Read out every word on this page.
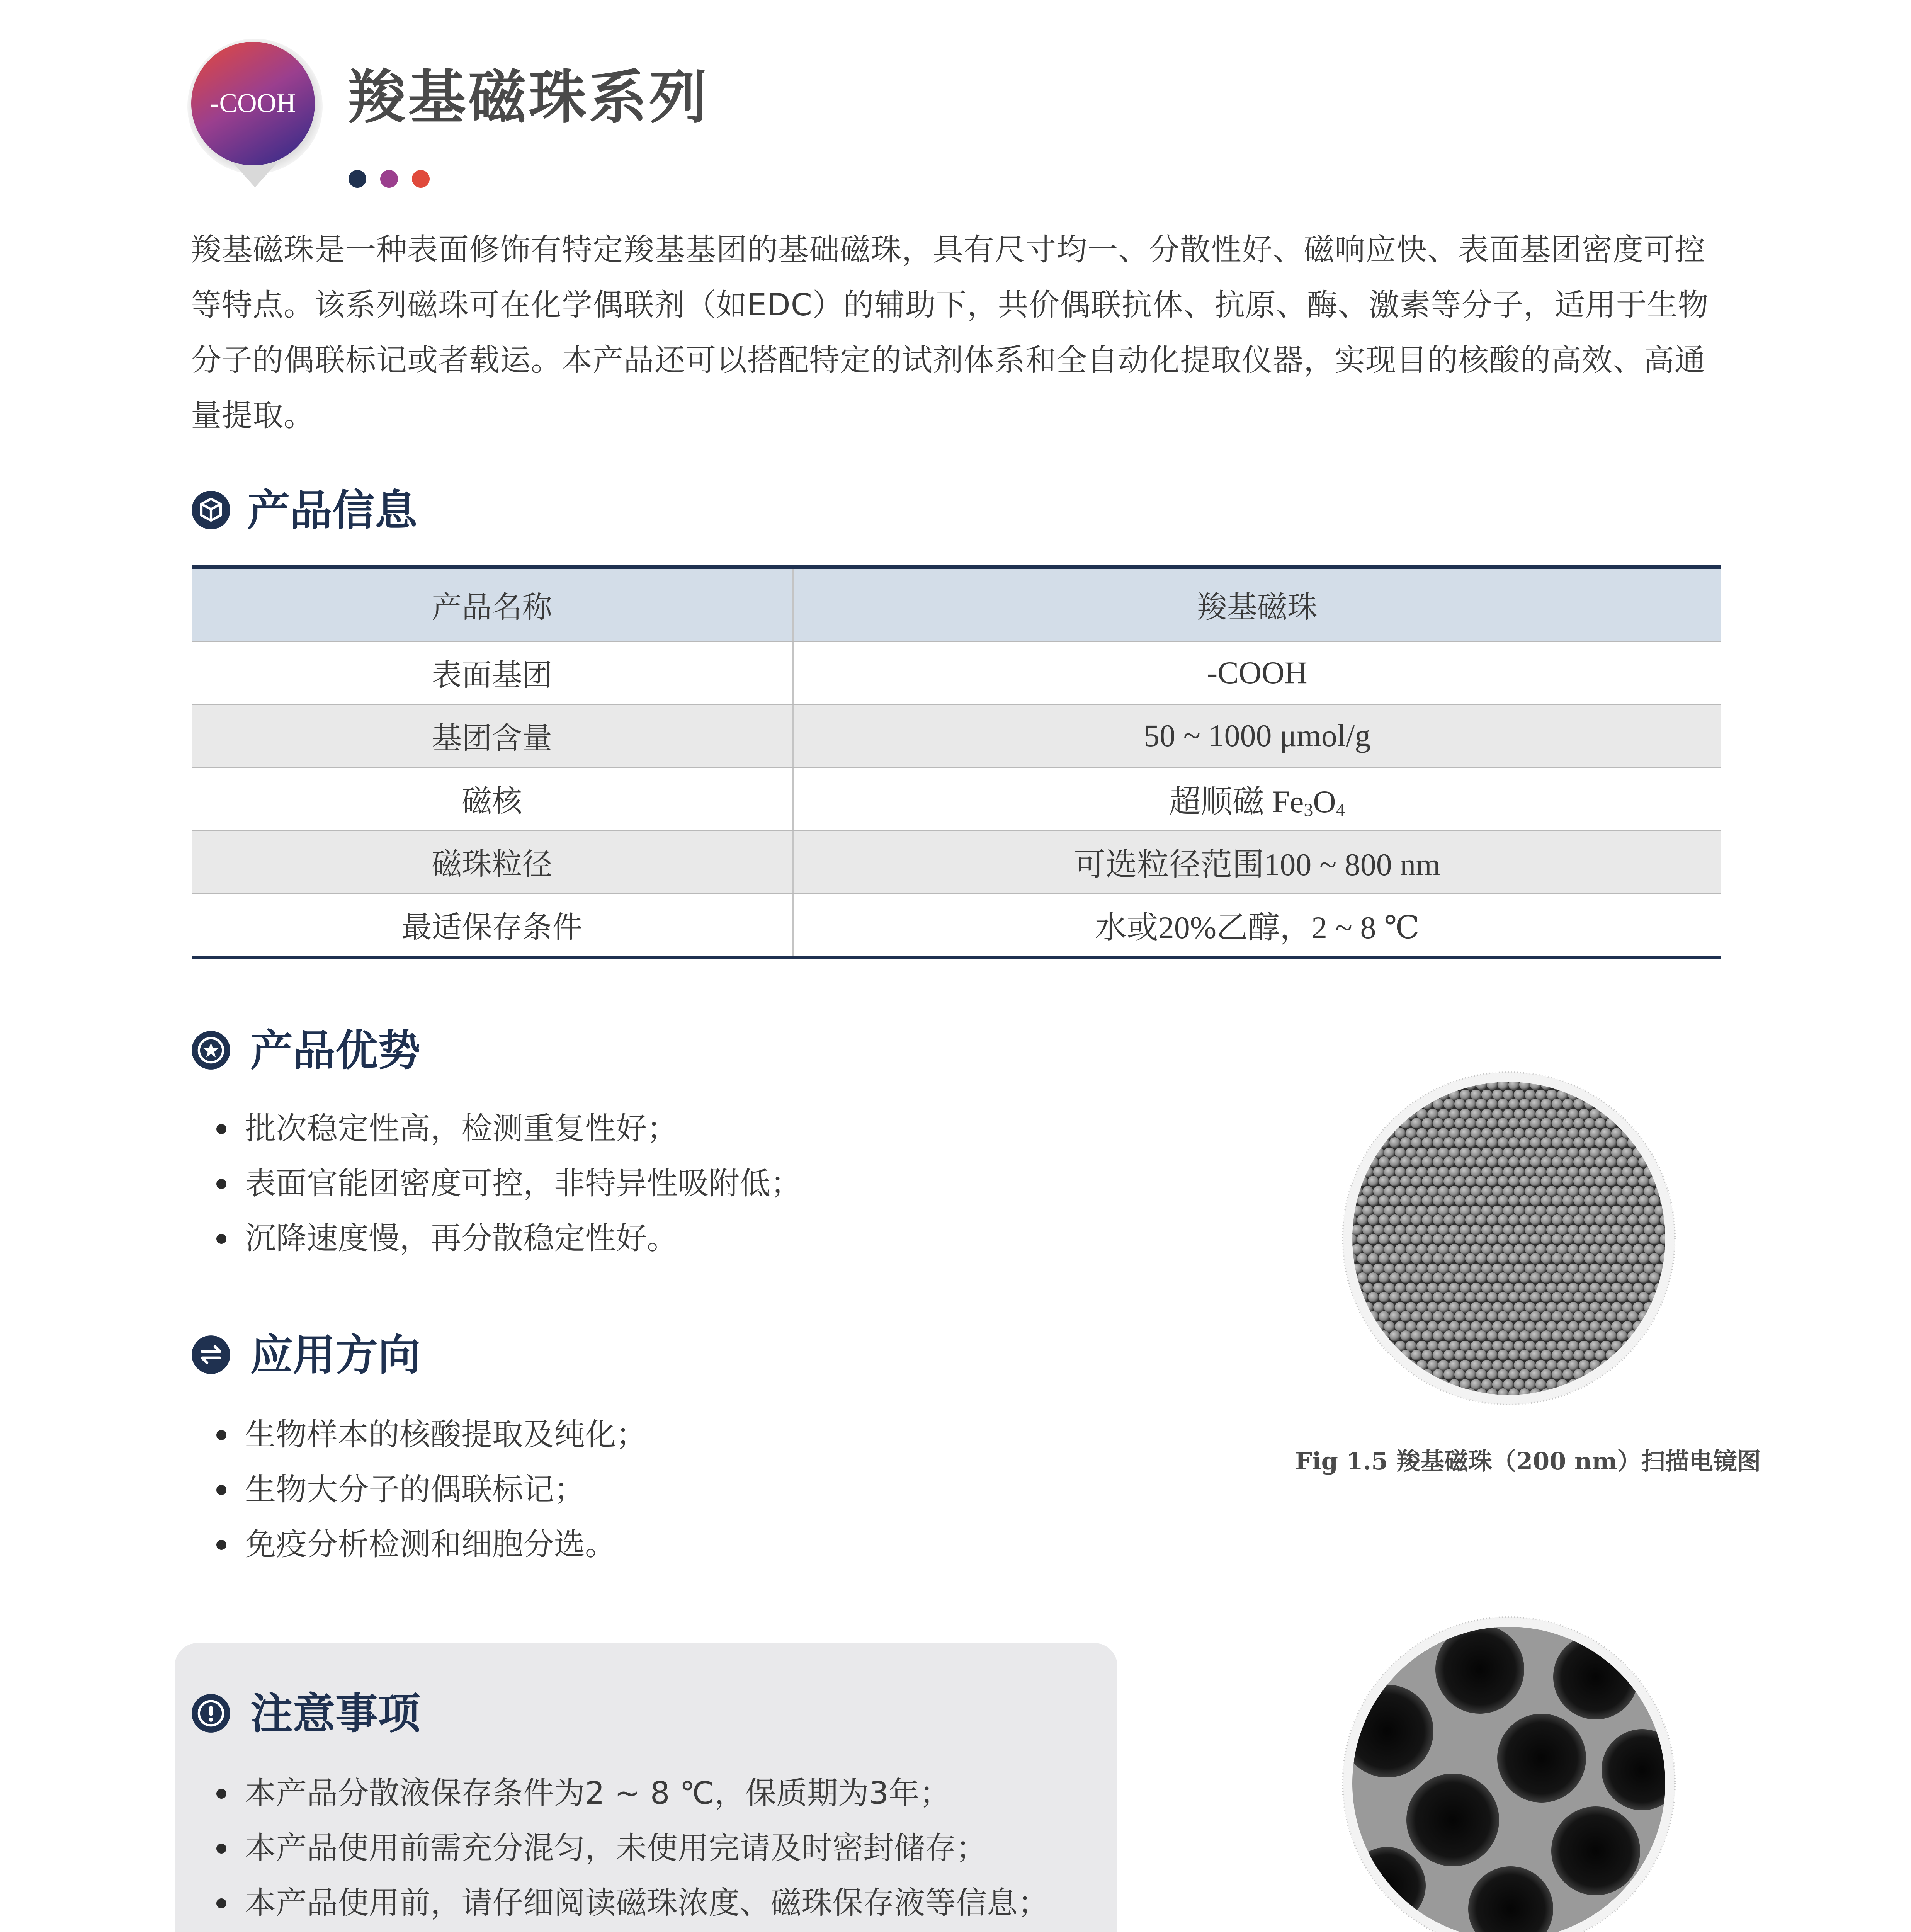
-COOH 羧基磁珠系列

羧基磁珠是一种表面修饰有特定羧基基团的基础磁珠，具有尺寸均一、分散性好、磁响应快、表面基团密度可控等特点。该系列磁珠可在化学偶联剂（如EDC）的辅助下，共价偶联抗体、抗原、酶、激素等分子，适用于生物分子的偶联标记或者载运。本产品还可以搭配特定的试剂体系和全自动化提取仪器，实现目的核酸的高效、高通量提取。

产品信息
产品名称	羧基磁珠
表面基团	-COOH
基团含量	50 ~ 1000 μmol/g
磁核	超顺磁 $Fe_3O_4$
磁珠粒径	可选粒径范围100 ~ 800 nm
最适保存条件	水或20%乙醇，2 ~ 8 ℃
产品优势
批次稳定性高，检测重复性好；
表面官能团密度可控，非特异性吸附低；
沉降速度慢，再分散稳定性好。
应用方向
生物样本的核酸提取及纯化；
生物大分子的偶联标记；
免疫分析检测和细胞分选。
注意事项
本产品分散液保存条件为2 ~ 8 ℃，保质期为3年；
本产品使用前需充分混匀，未使用完请及时密封储存；
本产品使用前，请仔细阅读磁珠浓度、磁珠保存液等信息；
Fig 1.5 羧基磁珠（200 nm）扫描电镜图
